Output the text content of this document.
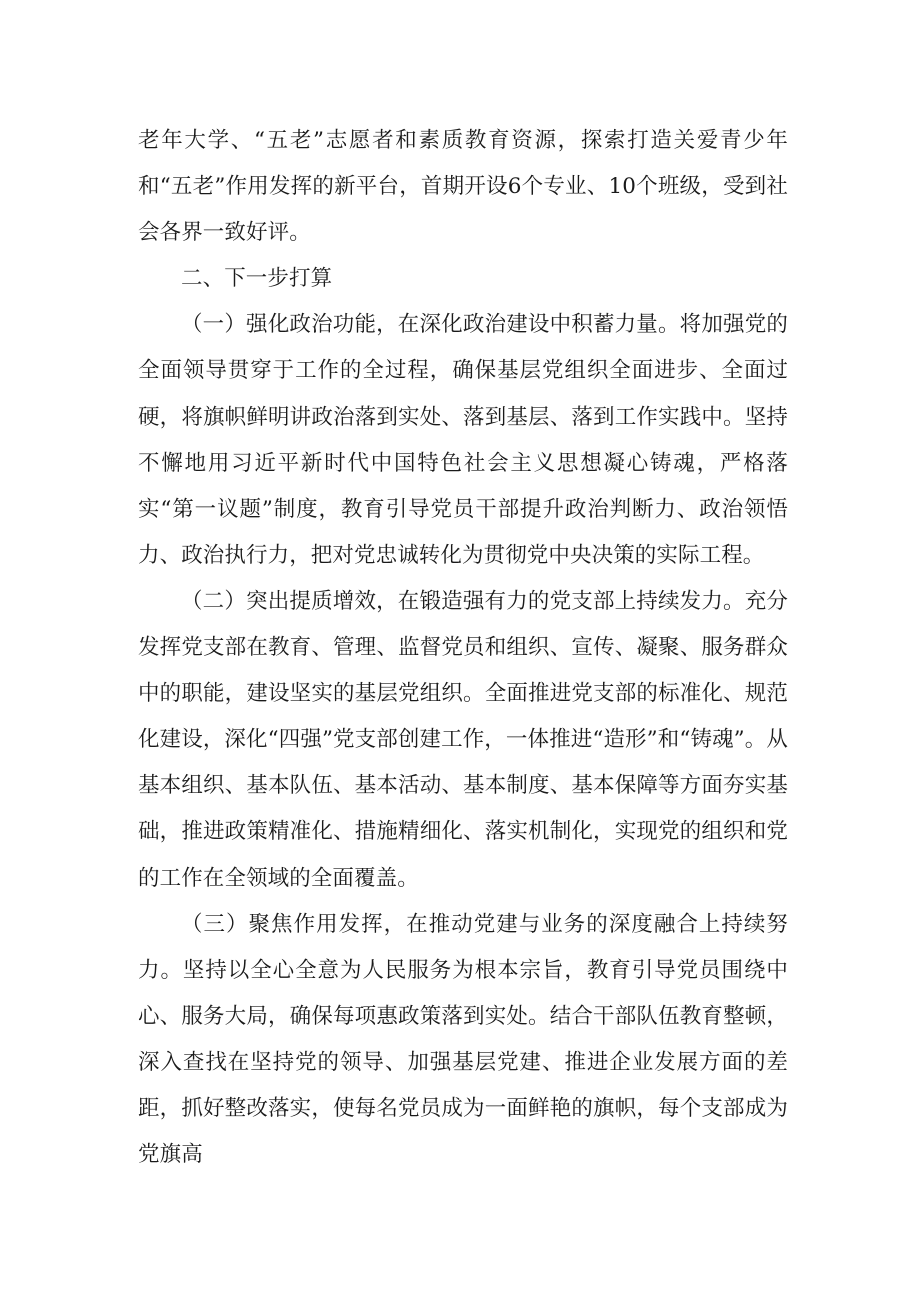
老年大学、“五老”志愿者和素质教育资源，探索打造关爱青少年和“五老”作用发挥的新平台，首期开设6个专业、10个班级，受到社会各界一致好评。

二、下一步打算

（一）强化政治功能，在深化政治建设中积蓄力量。将加强党的全面领导贯穿于工作的全过程，确保基层党组织全面进步、全面过硬，将旗帜鲜明讲政治落到实处、落到基层、落到工作实践中。坚持不懈地用习近平新时代中国特色社会主义思想凝心铸魂，严格落实“第一议题”制度，教育引导党员干部提升政治判断力、政治领悟力、政治执行力，把对党忠诚转化为贯彻党中央决策的实际工程。

（二）突出提质增效，在锻造强有力的党支部上持续发力。充分发挥党支部在教育、管理、监督党员和组织、宣传、凝聚、服务群众中的职能，建设坚实的基层党组织。全面推进党支部的标准化、规范化建设，深化“四强”党支部创建工作，一体推进“造形”和“铸魂”。从基本组织、基本队伍、基本活动、基本制度、基本保障等方面夯实基础，推进政策精准化、措施精细化、落实机制化，实现党的组织和党的工作在全领域的全面覆盖。

（三）聚焦作用发挥，在推动党建与业务的深度融合上持续努力。坚持以全心全意为人民服务为根本宗旨，教育引导党员围绕中心、服务大局，确保每项惠政策落到实处。结合干部队伍教育整顿，深入查找在坚持党的领导、加强基层党建、推进企业发展方面的差距，抓好整改落实，使每名党员成为一面鲜艳的旗帜，每个支部成为党旗高
